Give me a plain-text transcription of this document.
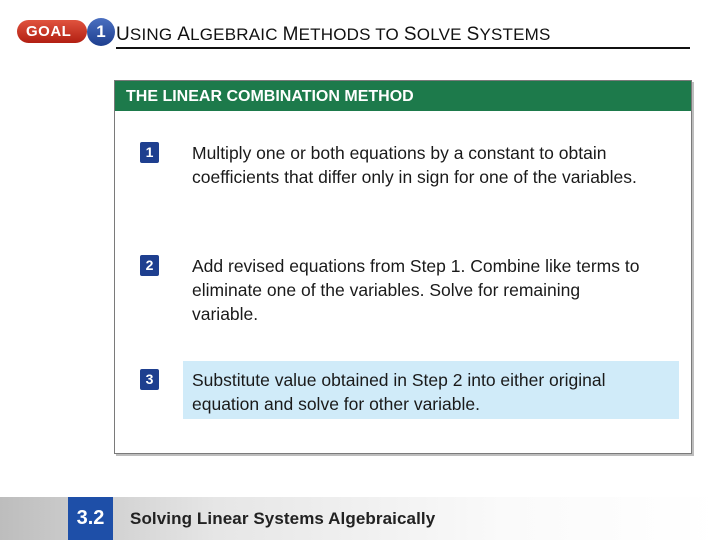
GOAL	1 USING ALGEBRAIC METHODS TO SOLVE SYSTEMS
THE LINEAR COMBINATION METHOD
1	Multiply one or both equations by a constant to obtain coefficients that differ only in sign for one of the variables.
2	Add revised equations from Step 1. Combine like terms to eliminate one of the variables. Solve for remaining variable.
3	Substitute value obtained in Step 2 into either original equation and solve for other variable.
3.2	Solving Linear Systems Algebraically
